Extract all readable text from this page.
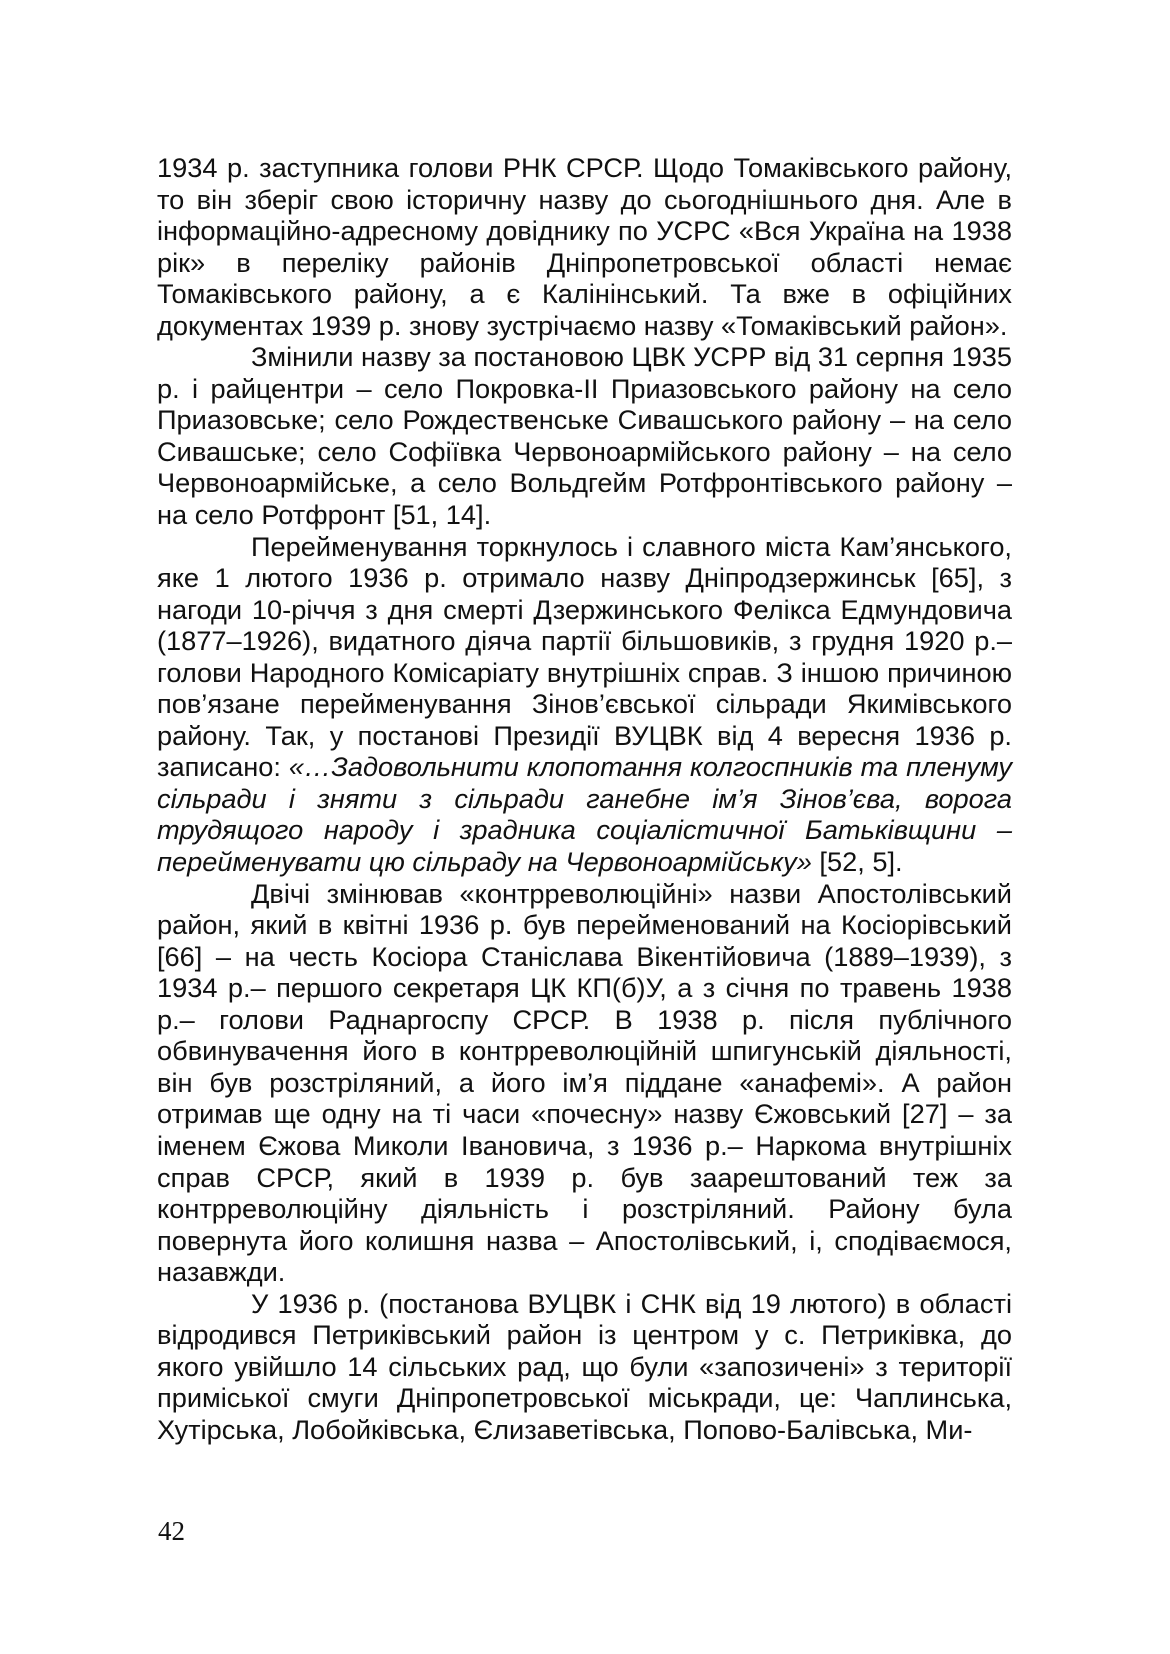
1934 р. заступника голови РНК СРСР. Щодо Томаківського району, то він зберіг свою історичну назву до сьогоднішнього дня. Але в інформаційно-адресному довіднику по УСРС «Вся Україна на 1938 рік» в переліку районів Дніпропетровської області немає Томаківського району, а є Калінінський. Та вже в офіційних документах 1939 р. знову зустрічаємо назву «Томаківський район».

Змінили назву за постановою ЦВК УСРР від 31 серпня 1935 р. і райцентри – село Покровка-ІІ Приазовського району на село Приазовське; село Рождественське Сивашського району – на село Сивашське; село Софіївка Червоноармійського району – на село Червоноармійське, а село Вольдгейм Ротфронтівського району – на село Ротфронт [51, 14].

Перейменування торкнулось і славного міста Кам’янського, яке 1 лютого 1936 р. отримало назву Дніпродзержинськ [65], з нагоди 10-річчя з дня смерті Дзержинського Фелікса Едмундовича (1877–1926), видатного діяча партії більшовиків, з грудня 1920 р.– голови Народного Комісаріату внутрішніх справ. З іншою причиною пов’язане перейменування Зінов’євської сільради Якимівського району. Так, у постанові Президії ВУЦВК від 4 вересня 1936 р. записано: «…Задовольнити клопотання колгоспників та пленуму сільради і зняти з сільради ганебне ім’я Зінов’єва, ворога трудящого народу і зрадника соціалістичної Батьківщини – перейменувати цю сільраду на Червоноармійську» [52, 5].

Двічі змінював «контрреволюційні» назви Апостолівський район, який в квітні 1936 р. був перейменований на Косіорівський [66] – на честь Косіора Станіслава Вікентійовича (1889–1939), з 1934 р.– першого секретаря ЦК КП(б)У, а з січня по травень 1938 р.– голови Раднаргоспу СРСР. В 1938 р. після публічного обвинувачення його в контрреволюційній шпигунській діяльності, він був розстріляний, а його ім’я піддане «анафемі». А район отримав ще одну на ті часи «почесну» назву Єжовський [27] – за іменем Єжова Миколи Івановича, з 1936 р.– Наркома внутрішніх справ СРСР, який в 1939 р. був заарештований теж за контрреволюційну діяльність і розстріляний. Району була повернута його колишня назва – Апостолівський, і, сподіваємося, назавжди.

У 1936 р. (постанова ВУЦВК і СНК від 19 лютого) в області відродився Петриківський район із центром у с. Петриківка, до якого увійшло 14 сільських рад, що були «запозичені» з території приміської смуги Дніпропетровської міськради, це: Чаплинська, Хутірська, Лобойківська, Єлизаветівська, Попово-Балівська, Ми-

42
